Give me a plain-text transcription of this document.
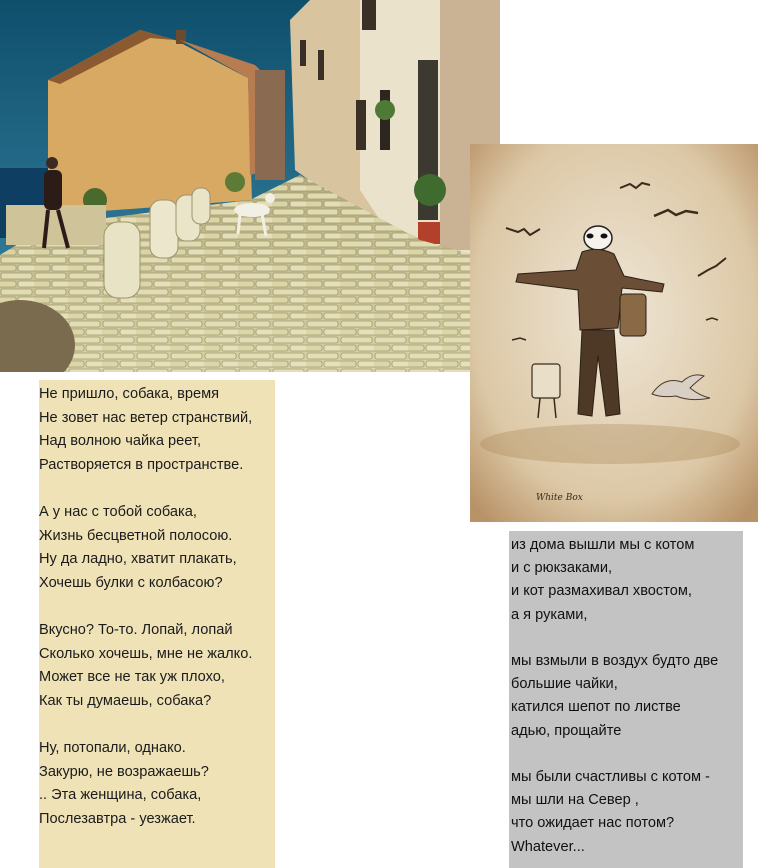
White Box
Не пришло, собака, время
Не зовет нас ветер странствий,
Над волною чайка реет,
Растворяется в пространстве.
А у нас с тобой собака,
Жизнь бесцветной полосою.
Ну да ладно, хватит плакать,
Хочешь булки с колбасою?
Вкусно? То-то. Лопай, лопай
Сколько хочешь, мне не жалко.
Может все не так уж плохо,
Как ты думаешь, собака?
Ну, потопали, однако.
Закурю, не возражаешь?
.. Эта женщина, собака,
Послезавтра - уезжает.
из дома вышли мы с котом
и с рюкзаками,
и кот размахивал хвостом,
а я руками,
мы взмыли в воздух будто две
большие чайки,
катился шепот по листве
адью, прощайте
мы были счастливы с котом -
мы шли на Север ,
что ожидает нас потом?
Whatever...
